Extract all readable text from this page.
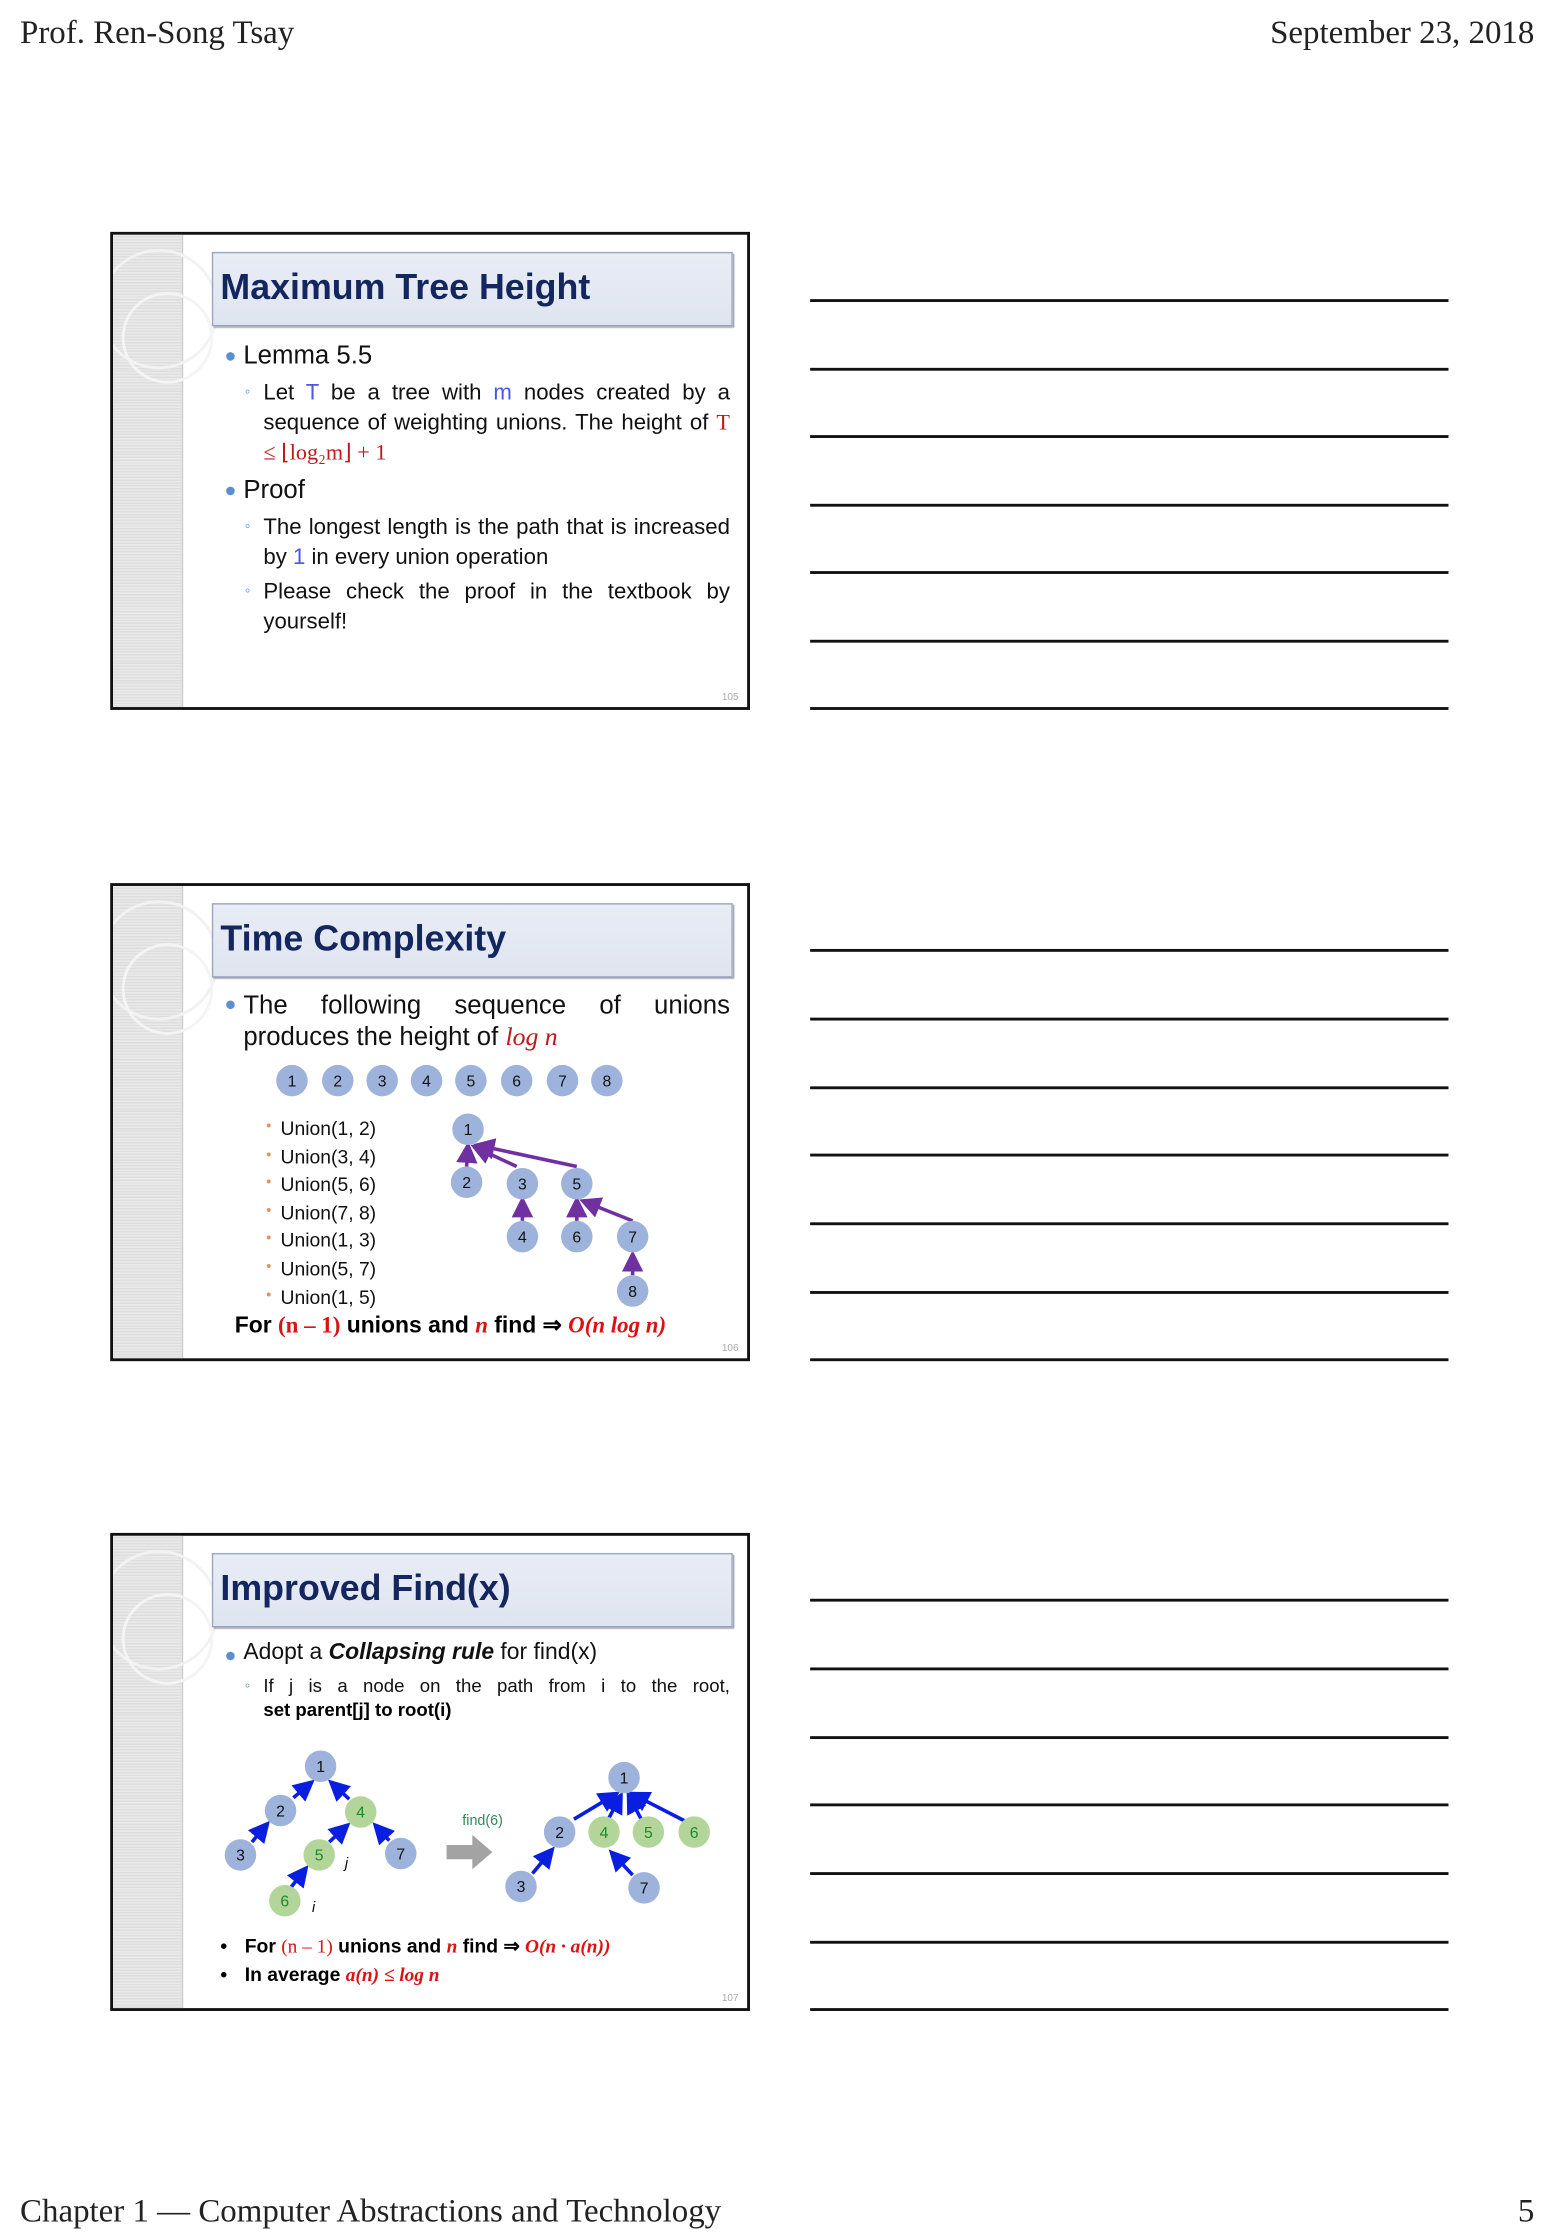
Prof. Ren-Song Tsay	September 23, 2018
Maximum Tree Height
Lemma 5.5
◦ Let T be a tree with m nodes created by a sequence of weighting unions. The height of T ≤ ⌊log₂m⌋ + 1
Proof
◦ The longest length is the path that is increased by 1 in every union operation
◦ Please check the proof in the textbook by yourself!
105
Time Complexity
The following sequence of unions produces the height of log n
1	2	3	4	5	6	7	8
1
2	3	5
4	6	7
8
• Union(1, 2)
• Union(3, 4)
• Union(5, 6)
• Union(7, 8)
• Union(1, 3)
• Union(5, 7)
• Union(1, 5)
For (n – 1) unions and n find ⇒ O(n log n)
106
Improved Find(x)
Adopt a Collapsing rule for find(x)
◦ If j is a node on the path from i to the root,
set parent[j] to root(i)
find(6)
1
2	4
3	5	7
6
1
2	4	5	6
3	7
j
i
• For (n – 1) unions and n find ⇒ O(n · a(n))
• In average a(n) ≤ log n
107
Chapter 1 — Computer Abstractions and Technology	5
